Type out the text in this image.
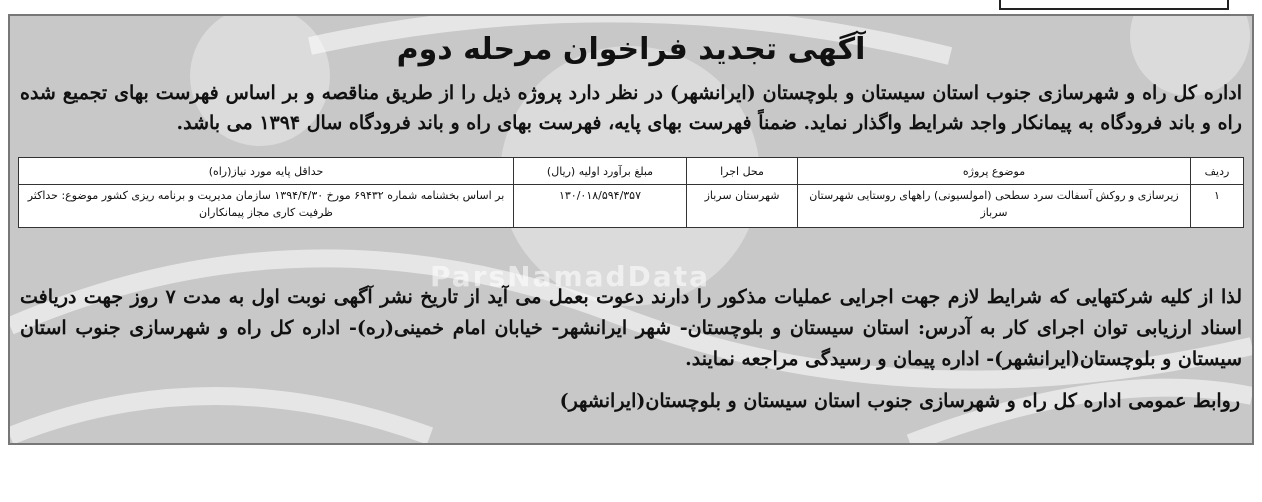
ParsNamadData
آگهی تجدید فراخوان مرحله دوم

اداره کل راه و شهرسازی جنوب استان سیستان و بلوچستان (ایرانشهر) در نظر دارد پروژه ذیل را از طریق مناقصه و بر اساس فهرست بهای تجمیع شده راه و باند فرودگاه به پیمانکار واجد شرایط واگذار نماید. ضمناً فهرست بهای پایه، فهرست بهای راه و باند فرودگاه سال ۱۳۹۴ می باشد.

ردیف	موضوع پروژه	محل اجرا	مبلغ برآورد اولیه (ریال)	حداقل پایه مورد نیاز(راه)
۱	زیرسازی و روکش آسفالت سرد سطحی (امولسیونی) راههای روستایی شهرستان سرباز	شهرستان سرباز	۱۳۰/۰۱۸/۵۹۴/۳۵۷	بر اساس بخشنامه شماره ۶۹۴۳۲ مورخ ۱۳۹۴/۴/۳۰ سازمان مدیریت و برنامه ریزی کشور موضوع: حداکثر ظرفیت کاری مجاز پیمانکاران

لذا از کلیه شرکتهایی که شرایط لازم جهت اجرایی عملیات مذکور را دارند دعوت بعمل می آید از تاریخ نشر آگهی نوبت اول به مدت ۷ روز جهت دریافت اسناد ارزیابی توان اجرای کار به آدرس: استان سیستان و بلوچستان- شهر ایرانشهر- خیابان امام خمینی(ره)- اداره کل راه و شهرسازی جنوب استان سیستان و بلوچستان(ایرانشهر)- اداره پیمان و رسیدگی مراجعه نمایند.

روابط عمومی اداره کل راه و شهرسازی جنوب استان سیستان و بلوچستان(ایرانشهر)
